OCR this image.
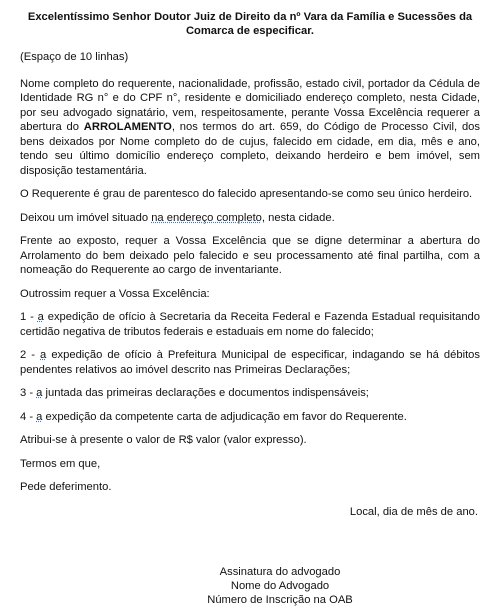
Excelentíssimo Senhor Doutor Juiz de Direito da nº Vara da Família e Sucessões da
Comarca de especificar.

(Espaço de 10 linhas)

Nome completo do requerente, nacionalidade, profissão, estado civil, portador da Cédula de Identidade RG n° e do CPF n°, residente e domiciliado endereço completo, nesta Cidade, por seu advogado signatário, vem, respeitosamente, perante Vossa Excelência requerer a abertura do ARROLAMENTO, nos termos do art. 659, do Código de Processo Civil, dos bens deixados por Nome completo do de cujus, falecido em cidade, em dia, mês e ano, tendo seu último domicílio endereço completo, deixando herdeiro e bem imóvel, sem disposição testamentária.

O Requerente é grau de parentesco do falecido apresentando-se como seu único herdeiro.

Deixou um imóvel situado na endereço completo, nesta cidade.

Frente ao exposto, requer a Vossa Excelência que se digne determinar a abertura do Arrolamento do bem deixado pelo falecido e seu processamento até final partilha, com a nomeação do Requerente ao cargo de inventariante.

Outrossim requer a Vossa Excelência:

1 - a expedição de ofício à Secretaria da Receita Federal e Fazenda Estadual requisitando certidão negativa de tributos federais e estaduais em nome do falecido;

2 - a expedição de ofício à Prefeitura Municipal de especificar, indagando se há débitos pendentes relativos ao imóvel descrito nas Primeiras Declarações;

3 - a juntada das primeiras declarações e documentos indispensáveis;

4 - a expedição da competente carta de adjudicação em favor do Requerente.

Atribui-se à presente o valor de R$ valor (valor expresso).

Termos em que,

Pede deferimento.

Local, dia de mês de ano.

Assinatura do advogado
Nome do Advogado
Número de Inscrição na OAB
